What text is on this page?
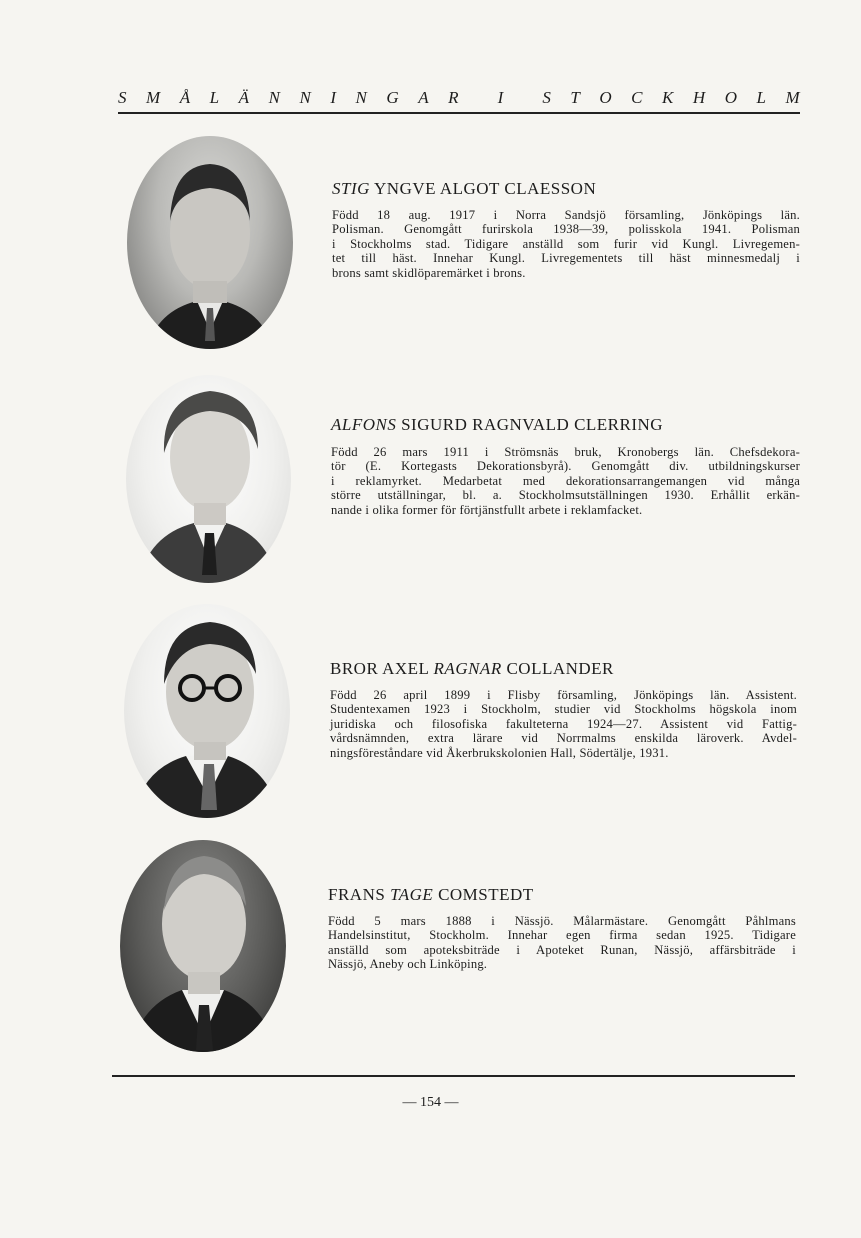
S M Å L Ä N N I N G A R I S T O C K H O L M
STIG YNGVE ALGOT CLAESSON
Född 18 aug. 1917 i Norra Sandsjö församling, Jönköpings län.
Polisman. Genomgått furirskola 1938—39, polisskola 1941. Polisman
i Stockholms stad. Tidigare anställd som furir vid Kungl. Livregemen-
tet till häst. Innehar Kungl. Livregementets till häst minnesmedalj i
brons samt skidlöparemärket i brons.
ALFONS SIGURD RAGNVALD CLERRING
Född 26 mars 1911 i Strömsnäs bruk, Kronobergs län. Chefsdekora-
tör (E. Kortegasts Dekorationsbyrå). Genomgått div. utbildningskurser
i reklamyrket. Medarbetat med dekorationsarrangemangen vid många
större utställningar, bl. a. Stockholmsutställningen 1930. Erhållit erkän-
nande i olika former för förtjänstfullt arbete i reklamfacket.
BROR AXEL RAGNAR COLLANDER
Född 26 april 1899 i Flisby församling, Jönköpings län. Assistent.
Studentexamen 1923 i Stockholm, studier vid Stockholms högskola inom
juridiska och filosofiska fakulteterna 1924—27. Assistent vid Fattig-
vårdsnämnden, extra lärare vid Norrmalms enskilda läroverk. Avdel-
ningsföreståndare vid Åkerbrukskolonien Hall, Södertälje, 1931.
FRANS TAGE COMSTEDT
Född 5 mars 1888 i Nässjö. Målarmästare. Genomgått Påhlmans
Handelsinstitut, Stockholm. Innehar egen firma sedan 1925. Tidigare
anställd som apoteksbiträde i Apoteket Runan, Nässjö, affärsbiträde i
Nässjö, Aneby och Linköping.
— 154 —
